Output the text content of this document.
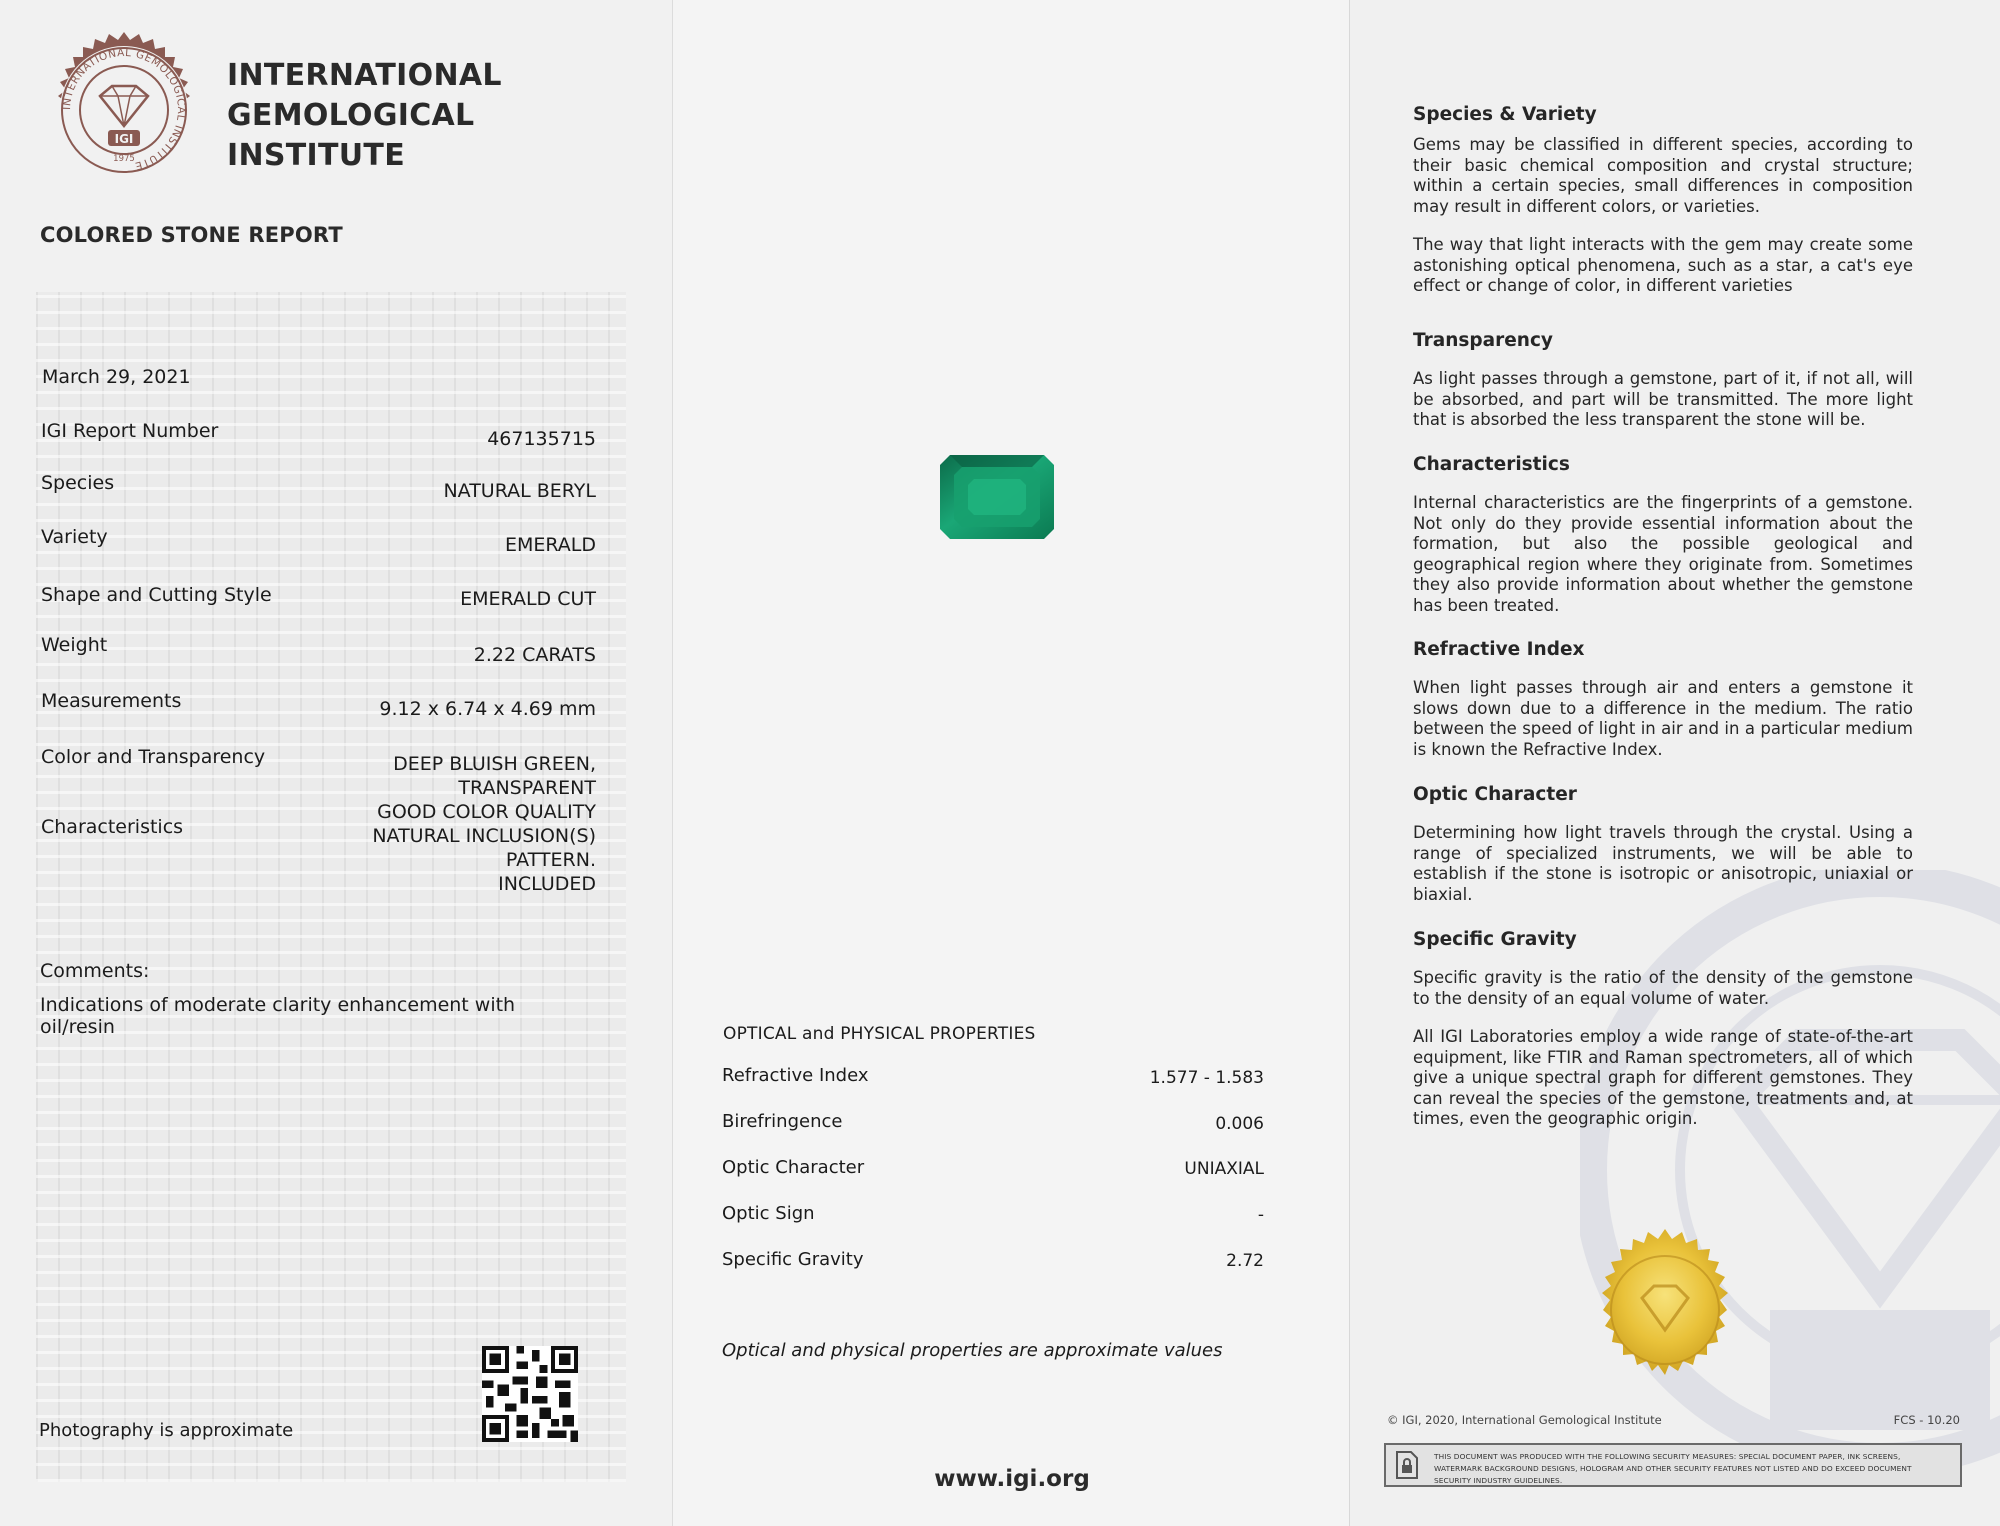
INTERNATIONAL GEMOLOGICAL INSTITUTE
IGI
1975
INTERNATIONAL
GEMOLOGICAL
INSTITUTE
COLORED STONE REPORT
March 29, 2021
IGI Report Number	467135715
Species	NATURAL BERYL
Variety	EMERALD
Shape and Cutting Style	EMERALD CUT
Weight	2.22 CARATS
Measurements	9.12 x 6.74 x 4.69 mm
Color and Transparency	DEEP BLUISH GREEN,
TRANSPARENT
Characteristics
GOOD COLOR QUALITY
NATURAL INCLUSION(S)
PATTERN.
INCLUDED
Comments:
Indications of moderate clarity enhancement with oil/resin
Photography is approximate
OPTICAL and PHYSICAL PROPERTIES
Refractive Index	1.577 - 1.583
Birefringence	0.006
Optic Character	UNIAXIAL
Optic Sign	-
Specific Gravity	2.72
Optical and physical properties are approximate values
www.igi.org

Species & Variety

Gems may be classified in different species, according to their basic chemical composition and crystal structure; within a certain species, small differences in composition may result in different colors, or varieties.

The way that light interacts with the gem may create some astonishing optical phenomena, such as a star, a cat's eye effect or change of color, in different varieties

Transparency

As light passes through a gemstone, part of it, if not all, will be absorbed, and part will be transmitted. The more light that is absorbed the less transparent the stone will be.

Characteristics

Internal characteristics are the fingerprints of a gemstone. Not only do they provide essential information about the formation, but also the possible geological and geographical region where they originate from. Sometimes they also provide information about whether the gemstone has been treated.

Refractive Index

When light passes through air and enters a gemstone it slows down due to a difference in the medium. The ratio between the speed of light in air and in a particular medium is known the Refractive Index.

Optic Character

Determining how light travels through the crystal. Using a range of specialized instruments, we will be able to establish if the stone is isotropic or anisotropic, uniaxial or biaxial.

Specific Gravity

Specific gravity is the ratio of the density of the gemstone to the density of an equal volume of water.

All IGI Laboratories employ a wide range of state-of-the-art equipment, like FTIR and Raman spectrometers, all of which give a unique spectral graph for different gemstones. They can reveal the species of the gemstone, treatments and, at times, even the geographic origin.

© IGI, 2020, International Gemological Institute	FCS - 10.20
THIS DOCUMENT WAS PRODUCED WITH THE FOLLOWING SECURITY MEASURES: SPECIAL DOCUMENT PAPER, INK SCREENS, WATERMARK BACKGROUND DESIGNS, HOLOGRAM AND OTHER SECURITY FEATURES NOT LISTED AND DO EXCEED DOCUMENT SECURITY INDUSTRY GUIDELINES.
